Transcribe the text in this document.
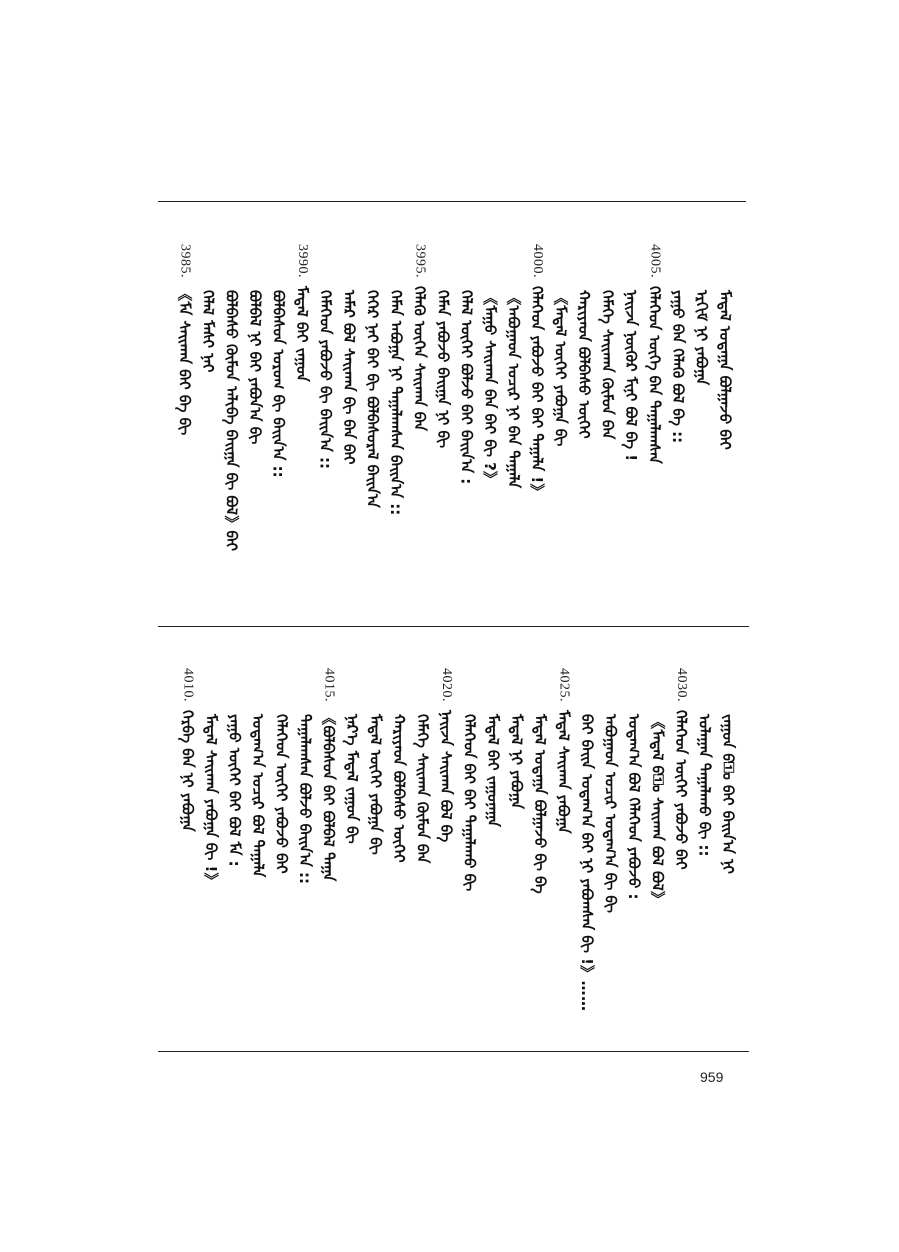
ᠮᠡᠳᠡᠯ ᠤᠳᠠᠭᠠ ᠪᠣᠯᠭᠠᠵᠤ ᠪᠠᠢ
ᠡᠷᠬᠢᠮ ᠨᠢ ᠶᠠᠪᠤᠭᠠ
ᠶᠠᠭᠤ ᠪᠡᠨ ᠬᠡᠯᠡᠬᠦ ᠪᠣᠯ ᠪᠡ ::
4005.
ᠬᠡᠯᠡᠭᠡᠳ ᠦᠭᠡ ᠪᠠᠨ ᠲᠠᠭᠠᠯᠠᠭᠰᠠᠨ
ᠨᠠᠢᠵᠠ ᠨᠥᠬᠦᠷ ᠮᠢᠨᠢ ᠪᠣᠯ ᠪᠡ !
ᠬᠡᠮᠡᠭᠡ ᠰᠠᠢᠬᠠᠨ ᠬᠦᠮᠦᠨ ᠪᠠᠨ
ᠬᠠᠷᠢᠶᠠᠳ ᠪᠣᠯᠪᠠᠰᠤ ᠦᠭᠡᠢ
《ᠮᠡᠳᠡᠯ ᠦᠭᠡᠢ ᠶᠠᠪᠤᠭᠠ ᠪᠢ
4000.
ᠬᠡᠯᠡᠭᠡᠳ ᠶᠠᠪᠤᠵᠤ ᠪᠠᠢ ᠪᠠᠢ ᠲᠠᠭᠠᠯᠠ !》
《ᠠᠪᠤᠭᠠᠳ ᠤᠴᠢᠷ ᠨᠢ ᠪᠠᠨ ᠲᠠᠭᠠᠯᠠ
《ᠮᠠᠭᠤ ᠰᠠᠢᠬᠠᠨ ᠪᠠᠨ ᠪᠠᠢ ᠪᠢ ?》
ᠬᠡᠯᠡᠯ ᠦᠭᠡᠢ ᠪᠣᠯᠵᠤ ᠪᠠᠢ ᠪᠠᠢᠨ᠎ᠠ :
ᠬᠡᠮᠡᠨ ᠶᠠᠪᠤᠵᠤ ᠪᠠᠢᠭᠠ ᠨᠢ ᠪᠢ
3995.
ᠬᠡᠯᠡᠬᠦ ᠦᠭᠡᠨ ᠰᠠᠢᠬᠠᠨ ᠪᠠᠨ
ᠬᠡᠮᠡᠨ ᠠᠪᠤᠭᠠ ᠨᠢ ᠲᠠᠭᠠᠯᠠᠭᠰᠠᠨ ᠪᠠᠢᠨ᠎ᠠ ::
ᠬᠡᠭᠡᠷ ᠨᠠᠢ ᠪᠠᠢ ᠪᠢ ᠪᠣᠯᠪᠠᠰᠤᠷᠠᠯ ᠪᠠᠢᠨ᠎ᠠ
ᠠᠮᠠᠷ ᠪᠣᠯ ᠰᠠᠢᠬᠠᠨ ᠪᠢ ᠪᠠᠨ ᠪᠠᠢ
ᠬᠡᠮᠡᠭᠡᠳ ᠶᠠᠪᠤᠵᠤ ᠪᠢ ᠪᠠᠢᠨ᠎ᠠ ::
3990.
ᠮᠡᠳᠡᠯ ᠪᠠᠢ ᠵᠠᠭᠤᠨ
ᠪᠣᠯᠪᠠᠰᠤᠨ ᠤᠷᠤᠭ ᠪᠢ ᠪᠠᠢᠨ᠎ᠠ ::
ᠪᠣᠯᠪᠠᠯ ᠨᠢ ᠪᠠᠢ ᠶᠠᠪᠤᠨ᠎ᠠ ᠪᠢ
ᠪᠣᠯᠪᠠᠰᠤ ᠬᠦᠮᠦᠨ ᠠᠯᠢᠪᠠ ᠪᠠᠢᠭᠠ ᠪᠢ ᠪᠣᠯ》ᠪᠠᠢ
ᠬᠡᠯᠡᠯ ᠮᠠᠰᠢ ᠨᠠᠢ
3985.
《ᠮᠠ ᠰᠠᠢᠬᠠᠨ ᠪᠠᠢ ᠪᠠ ᠪᠢ
ᠵᠠᠭᠤᠨ ᠪ᠋ᠣ ᠪᠠᠢ ᠪᠠᠢᠨ᠎ᠠ ᠨᠢ
ᠤᠯᠠᠭᠠᠨ ᠲᠠᠭᠠᠯᠠᠬᠤ ᠪᠢ ::
4030.
ᠬᠡᠯᠡᠭᠡᠳ ᠦᠭᠡᠢ ᠶᠠᠪᠤᠵᠤ ᠪᠠᠢ
《ᠮᠡᠳᠡᠯ ᠪ᠋ᠣ ᠰᠠᠢᠬᠠᠨ ᠪᠣᠯ ᠪᠣᠯ》
ᠤᠳᠠᠭ᠎ᠠ ᠪᠣᠯ ᠬᠡᠯᠡᠭᠡᠳ ᠶᠠᠪᠤᠵᠤ :
ᠠᠪᠤᠭᠠᠳ ᠤᠴᠢᠷ ᠤᠳᠠᠭ᠎ᠠ ᠪᠢ ᠪᠢ
ᠪᠠᠢ ᠪᠠᠢᠨ ᠤᠳᠠᠭ᠎ᠠ ᠪᠠᠢ ᠨᠢ ᠶᠠᠪᠤᠭᠰᠠᠨ ᠪᠢ !》……
4025.
ᠮᠡᠳᠡᠯ ᠰᠠᠢᠬᠠᠨ ᠶᠠᠪᠤᠭᠠ
ᠮᠡᠳᠡᠯ ᠤᠳᠠᠭᠠ ᠪᠣᠯᠭᠠᠵᠤ ᠪᠢ ᠪᠠ
ᠮᠡᠳᠡᠯ ᠨᠢ ᠶᠠᠪᠤᠭᠠ
ᠮᠡᠳᠡᠯ ᠪᠠᠢ ᠵᠠᠭᠤᠨᠠᠭᠠ
ᠬᠡᠯᠡᠭᠡᠳ ᠪᠠᠢ ᠪᠠᠢ ᠲᠠᠭᠠᠯᠠᠬᠤ ᠪᠢ
4020.
ᠨᠠᠢᠵᠠ ᠰᠠᠢᠬᠠᠨ ᠪᠣᠯ ᠪᠡ
ᠬᠡᠮᠡᠭᠡ ᠰᠠᠢᠬᠠᠨ ᠬᠦᠮᠦᠨ ᠪᠠᠨ
ᠬᠠᠷᠢᠶᠠᠳ ᠪᠣᠯᠪᠠᠰᠤ ᠦᠭᠡᠢ
ᠮᠡᠳᠡᠯ ᠦᠭᠡᠢ ᠶᠠᠪᠤᠭᠠ ᠪᠢ
ᠨᠡᠷ᠎ᠡ ᠮᠡᠳᠡᠯ ᠵᠠᠭᠤᠨ ᠪᠢ
4015.
《ᠪᠣᠯᠪᠠᠰᠤᠨ ᠪᠠᠢ ᠪᠣᠯᠪᠠᠯ ᠲᠠᠭᠠ
ᠲᠠᠭᠠᠯᠠᠭᠰᠠᠨ ᠪᠣᠯᠵᠤ ᠪᠠᠢᠨ᠎ᠠ ::
ᠬᠡᠯᠡᠭᠡᠳ ᠦᠭᠡᠢ ᠶᠠᠪᠤᠵᠤ ᠪᠠᠢ
ᠤᠳᠠᠭ᠎ᠠ ᠤᠴᠢᠷ ᠪᠣᠯ ᠲᠠᠭᠠᠯᠠ
ᠶᠠᠭᠤ ᠦᠭᠡᠢ ᠪᠠᠢ ᠪᠣᠯ ᠮᠠ :
ᠮᠡᠳᠡᠯ ᠰᠠᠢᠬᠠᠨ ᠶᠠᠪᠤᠭᠠ ᠪᠢ !》
4010.
ᠬᠡᠷᠪᠡ ᠪᠠᠨ ᠨᠢ ᠶᠠᠪᠤᠭᠠ
959
